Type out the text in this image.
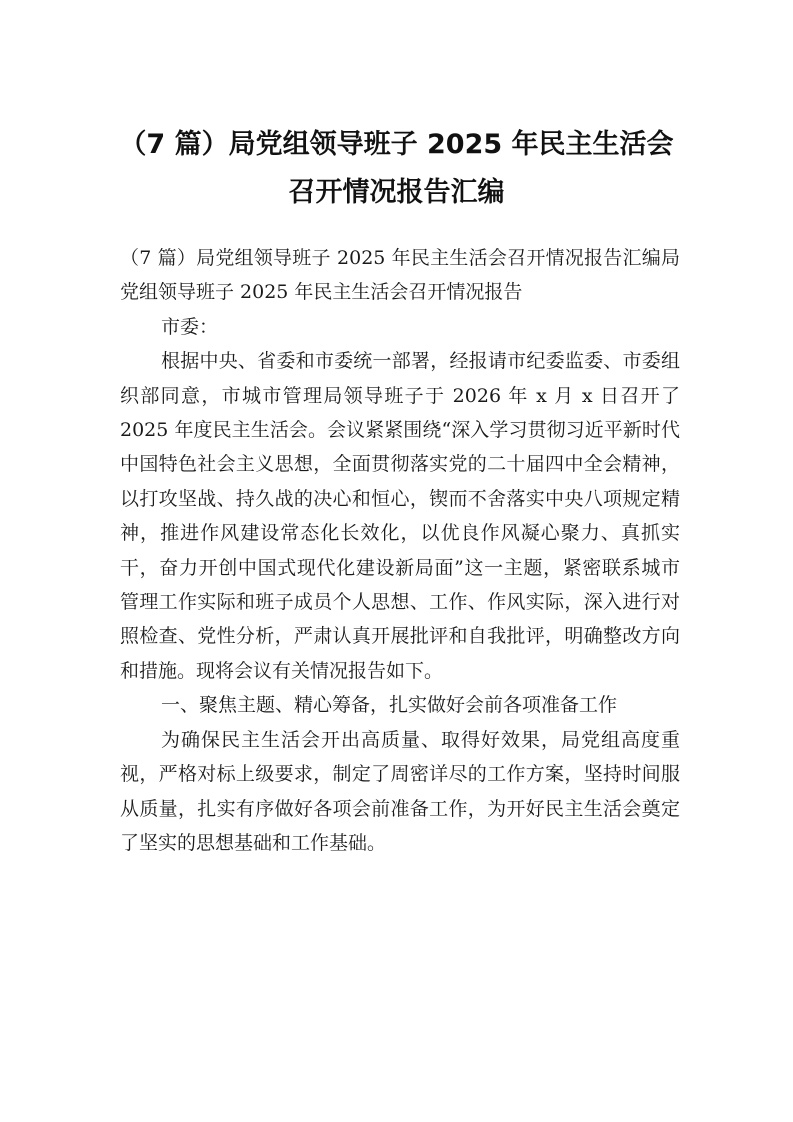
（7 篇）局党组领导班子 2025 年民主生活会
召开情况报告汇编

（7 篇）局党组领导班子 2025 年民主生活会召开情况报告汇编局党组领导班子 2025 年民主生活会召开情况报告

市委：

根据中央、省委和市委统一部署，经报请市纪委监委、市委组织部同意，市城市管理局领导班子于 2026 年 x 月 x 日召开了 2025 年度民主生活会。会议紧紧围绕“深入学习贯彻习近平新时代中国特色社会主义思想，全面贯彻落实党的二十届四中全会精神，以打攻坚战、持久战的决心和恒心，锲而不舍落实中央八项规定精神，推进作风建设常态化长效化，以优良作风凝心聚力、真抓实干，奋力开创中国式现代化建设新局面”这一主题，紧密联系城市管理工作实际和班子成员个人思想、工作、作风实际，深入进行对照检查、党性分析，严肃认真开展批评和自我批评，明确整改方向和措施。现将会议有关情况报告如下。

一、聚焦主题、精心筹备，扎实做好会前各项准备工作

为确保民主生活会开出高质量、取得好效果，局党组高度重视，严格对标上级要求，制定了周密详尽的工作方案，坚持时间服从质量，扎实有序做好各项会前准备工作，为开好民主生活会奠定了坚实的思想基础和工作基础。
